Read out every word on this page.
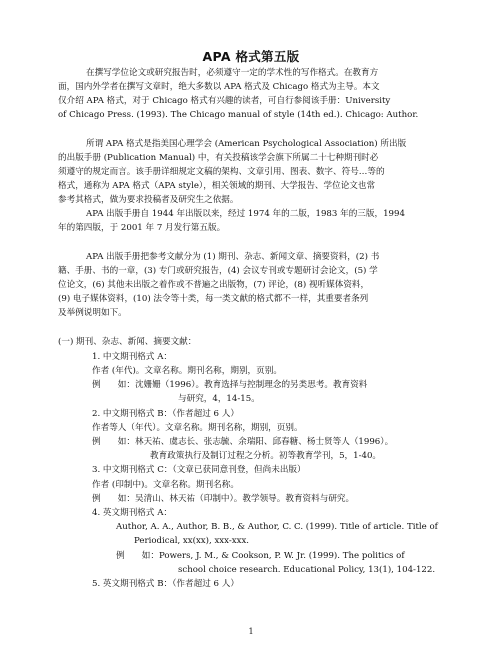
APA 格式第五版
在撰写学位论文或研究报告时，必须遵守一定的学术性的写作格式。在教育方
面，国内外学者在撰写文章时，绝大多数以 APA 格式及 Chicago 格式为主导。本文
仅介绍 APA 格式，对于 Chicago 格式有兴趣的读者，可自行参阅该手册：University
of Chicago Press. (1993). The Chicago manual of style (14th ed.). Chicago: Author.
所谓 APA 格式是指美国心理学会 (American Psychological Association) 所出版
的出版手册 (Publication Manual) 中，有关投稿该学会旗下所属二十七种期刊时必
须遵守的规定而言。该手册详细规定文稿的架构、文章引用、图表、数字、符号…等的
格式，通称为 APA 格式（APA style），相关领域的期刊、大学报告、学位论文也常
参考其格式，做为要求投稿者及研究生之依据。
APA 出版手册自 1944 年出版以来，经过 1974 年的二版，1983 年的三版，1994
年的第四版，于 2001 年 7 月发行第五版。
APA 出版手册把参考文献分为 (1) 期刊、杂志、新闻文章、摘要资料，(2) 书
籍、手册、书的一章，(3) 专门或研究报告，(4) 会议专刊或专题研讨会论文，(5) 学
位论文，(6) 其他未出版之着作或不普遍之出版物，(7) 评论，(8) 视听媒体资料，
(9) 电子媒体资料，(10) 法令等十类，每一类文献的格式都不一样，其重要者条列
及举例说明如下。
(一) 期刊、杂志、新闻、摘要文献：
1. 中文期刊格式 A：
作者 (年代)。文章名称。期刊名称，期别，页别。
例　　如：沈姗姗（1996）。教育选择与控制理念的另类思考。教育资料
与研究，4，14-15。
2. 中文期刊格式 B：（作者超过 6 人）
作者等人（年代）。文章名称。期刊名称，期别，页别。
例　　如：林天祐、虞志长、张志毓、余瑞阳、邱春糖、杨士贤等人（1996）。
教育政策执行及制订过程之分析。初等教育学刊，5，1-40。
3. 中文期刊格式 C：（文章已获同意刊登，但尚未出版）
作者 (印制中)。文章名称。期刊名称。
例　　如：吴清山、林天祐（印制中）。教学领导。教育资料与研究。
4. 英文期刊格式 A：
Author, A. A., Author, B. B., & Author, C. C. (1999). Title of article. Title of
Periodical, xx(xx), xxx-xxx.
例　　如：Powers, J. M., & Cookson, P. W. Jr. (1999). The politics of
school choice research. Educational Policy, 13(1), 104-122.
5. 英文期刊格式 B：（作者超过 6 人）
1
